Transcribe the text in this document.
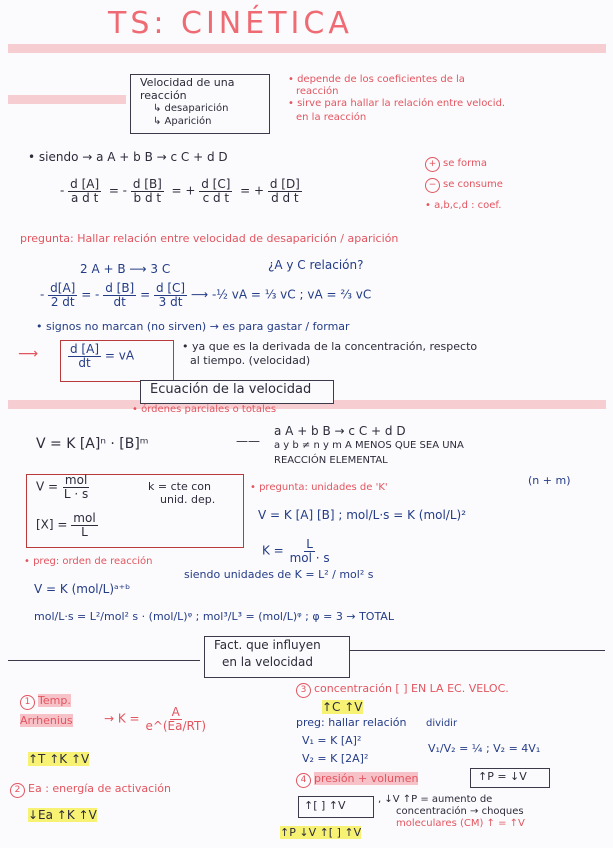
TS: CINÉTICA
Velocidad de una
reacción
↳ desaparición
↳ Aparición
• depende de los coeficientes de la
reacción
• sirve para hallar la relación entre velocid.
en la reacción
• siendo → a A + b B → c C + d D
- $\frac{d [A]}{\text{a d t}}$ = - $\frac{d [B]}{\text{b d t}}$ = + $\frac{d [C]}{\text{c d t}}$ = + $\frac{d [D]}{\text{d d t}}$
+ se forma
− se consume
• a,b,c,d : coef.
pregunta: Hallar relación entre velocidad de desaparición / aparición
2 A + B ⟶ 3 C	¿A y C relación?
- $\frac{d[A]}{2 dt}$ = - $\frac{d [B]}{dt} = \frac{d [C]}{3 dt}$ ⟶ -½ vA = ⅓ vC ; vA = ⅔ vC
• signos no marcan (no sirven) → es para gastar / formar
⟶ $\frac{d [A]}{dt}$ = vA
• ya que es la derivada de la concentración, respecto
al tiempo. (velocidad)
Ecuación de la velocidad
• órdenes parciales o totales
V = K [A]ⁿ · [B]ᵐ	——
a A + b B → c C + d D
a y b ≠ n y m A MENOS QUE SEA UNA
REACCIÓN ELEMENTAL
$V = \frac{\text{mol}}{L \cdot s}$
$[X] = \frac{\text{mol}}{L}$
k = cte con
unid. dep.
• pregunta: unidades de 'K'
V = K [A] [B] ; mol/L·s = K (mol/L)²
(n + m)
$K = \frac{L}{\text{mol · s}}$
• preg: orden de reacción
V = K (mol/L)ᵃ⁺ᵇ
siendo unidades de K = L² / mol² s
mol/L·s = L²/mol² s · (mol/L)ᵠ ; mol³/L³ = (mol/L)ᵠ ; φ = 3 → TOTAL
Fact. que influyen
en la velocidad
1 Temp.
Arrhenius	→ $K = \frac{A}{e\^{}(Ea/RT)}$
↑T ↑K ↑V
2 Ea : energía de activación
↓Ea ↑K ↑V
3 concentración [ ] EN LA EC. VELOC.
↑C ↑V
preg: hallar relación dividir
V₁ = K [A]²
V₂ = K [2A]²
V₁/V₂ = ¼ ; V₂ = 4V₁
4 presión + volumen	↑P = ↓V
↑[ ] ↑V	, ↓V ↑P = aumento de
concentración → choques
moleculares (CM) ↑ = ↑V
↑P ↓V ↑[ ] ↑V
